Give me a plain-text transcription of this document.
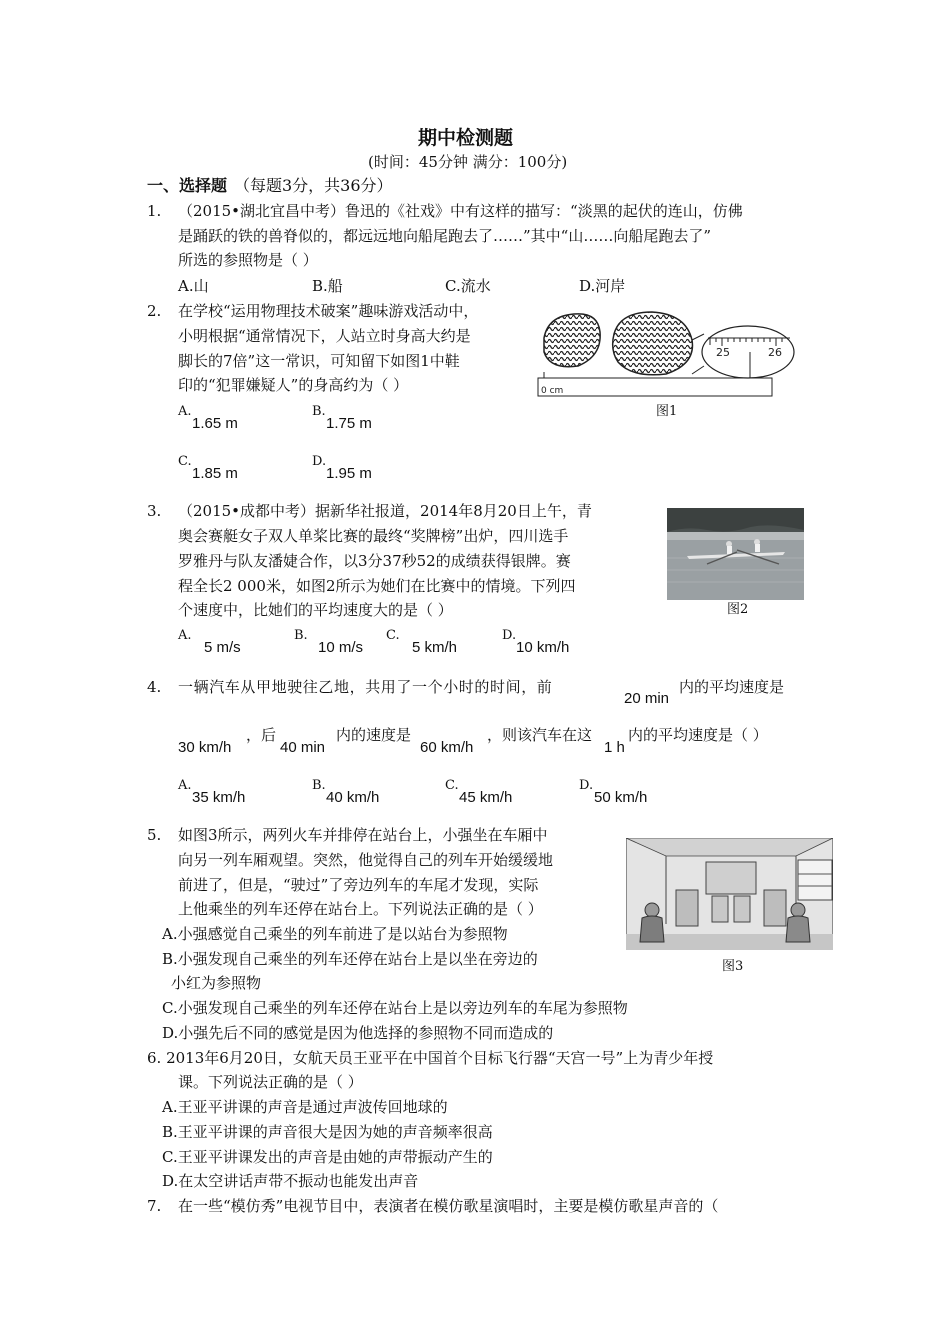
期中检测题
(时间：45分钟 满分：100分)
一、选择题 （每题3分，共36分）
1. （2015•湖北宜昌中考）鲁迅的《社戏》中有这样的描写：“淡黑的起伏的连山，仿佛
是踊跃的铁的兽脊似的，都远远地向船尾跑去了……”其中“山……向船尾跑去了”
所选的参照物是（ ）
A.山	B.船	C.流水	D.河岸
2. 在学校“运用物理技术破案”趣味游戏活动中，
小明根据“通常情况下，人站立时身高大约是
脚长的7倍”这一常识，可知留下如图1中鞋
印的“犯罪嫌疑人”的身高约为（ ）
A.
1.65 m
B.
1.75 m
C.
1.85 m
D.
1.95 m
0 cm
25	26
图1
3. （2015•成都中考）据新华社报道，2014年8月20日上午，青
奥会赛艇女子双人单桨比赛的最终“奖牌榜”出炉，四川选手
罗雅丹与队友潘婕合作，以3分37秒52的成绩获得银牌。赛
程全长2 000米，如图2所示为她们在比赛中的情境。下列四
个速度中，比她们的平均速度大的是（ ）
A.
5 m/s
B.
10 m/s
C.
5 km/h
D.
10 km/h
图2
4. 一辆汽车从甲地驶往乙地，共用了一个小时的时间，前
20 min
内的平均速度是
30 km/h
，后
40 min
内的速度是
60 km/h
，则该汽车在这
1 h
内的平均速度是（ ）
A.
35 km/h
B.
40 km/h
C.
45 km/h
D.
50 km/h
5. 如图3所示，两列火车并排停在站台上，小强坐在车厢中
向另一列车厢观望。突然，他觉得自己的列车开始缓缓地
前进了，但是，“驶过”了旁边列车的车尾才发现，实际
上他乘坐的列车还停在站台上。下列说法正确的是（ ）
A.小强感觉自己乘坐的列车前进了是以站台为参照物
B.小强发现自己乘坐的列车还停在站台上是以坐在旁边的
小红为参照物
C.小强发现自己乘坐的列车还停在站台上是以旁边列车的车尾为参照物
D.小强先后不同的感觉是因为他选择的参照物不同而造成的
图3
6. 2013年6月20日，女航天员王亚平在中国首个目标飞行器“天宫一号”上为青少年授
课。下列说法正确的是（ ）
A.王亚平讲课的声音是通过声波传回地球的
B.王亚平讲课的声音很大是因为她的声音频率很高
C.王亚平讲课发出的声音是由她的声带振动产生的
D.在太空讲话声带不振动也能发出声音
7. 在一些“模仿秀”电视节目中，表演者在模仿歌星演唱时，主要是模仿歌星声音的（
